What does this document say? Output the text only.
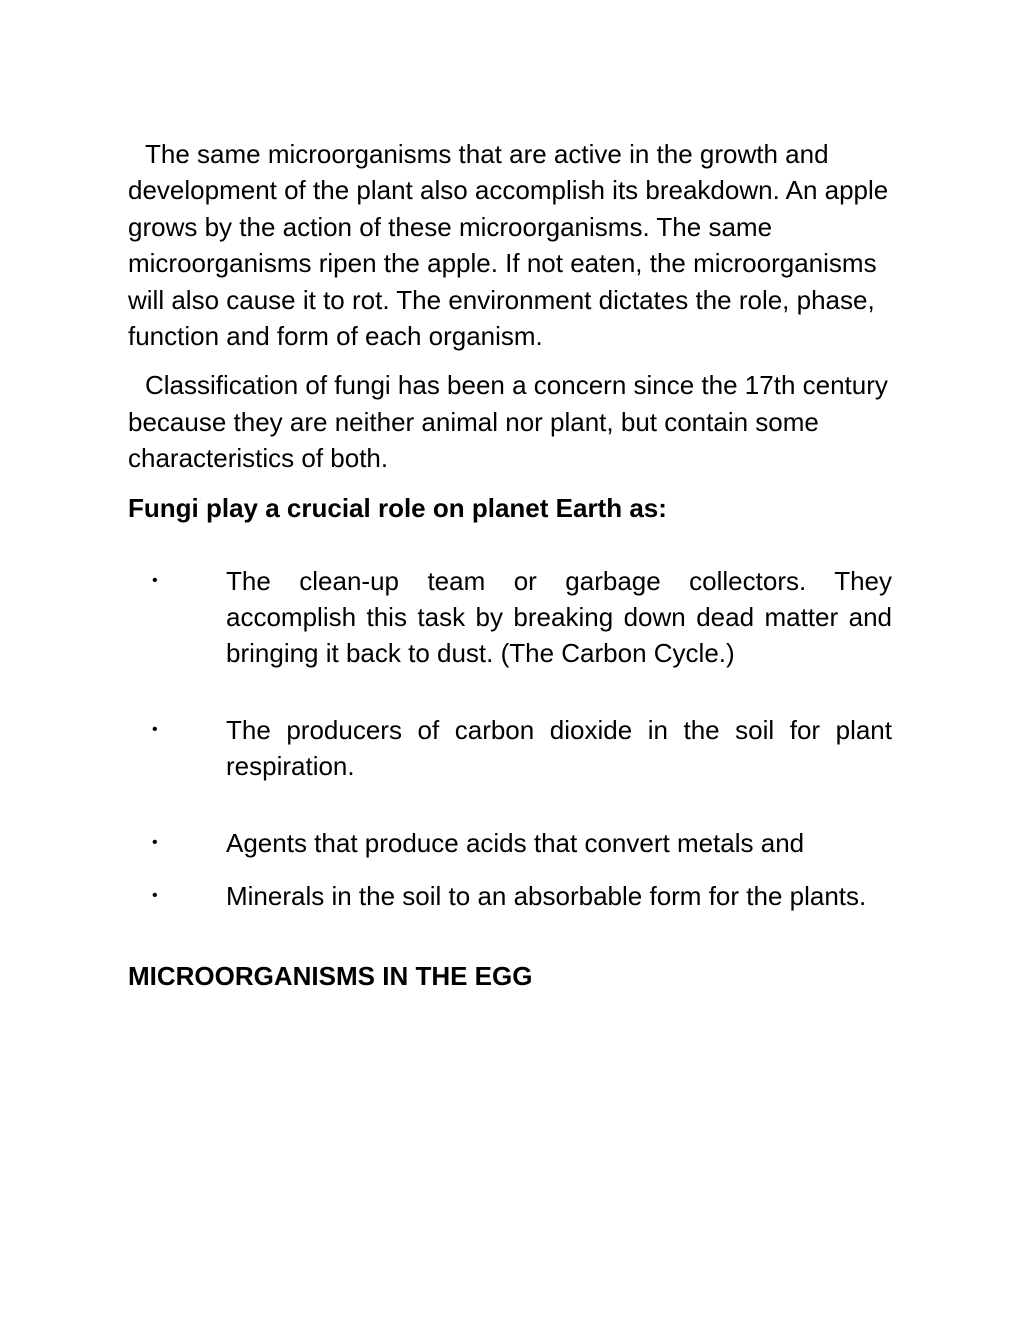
The same microorganisms that are active in the growth and development of the plant also accomplish its breakdown. An apple grows by the action of these microorganisms. The same microorganisms ripen the apple. If not eaten, the microorganisms will also cause it to rot. The environment dictates the role, phase, function and form of each organism.

Classification of fungi has been a concern since the 17th century because they are neither animal nor plant, but contain some characteristics of both.

Fungi play a crucial role on planet Earth as:
•	The clean-up team or garbage collectors. They accomplish this task by breaking down dead matter and bringing it back to dust. (The Carbon Cycle.)
•	The producers of carbon dioxide in the soil for plant respiration.
•	Agents that produce acids that convert metals and
•	Minerals in the soil to an absorbable form for the plants.
MICROORGANISMS IN THE EGG
